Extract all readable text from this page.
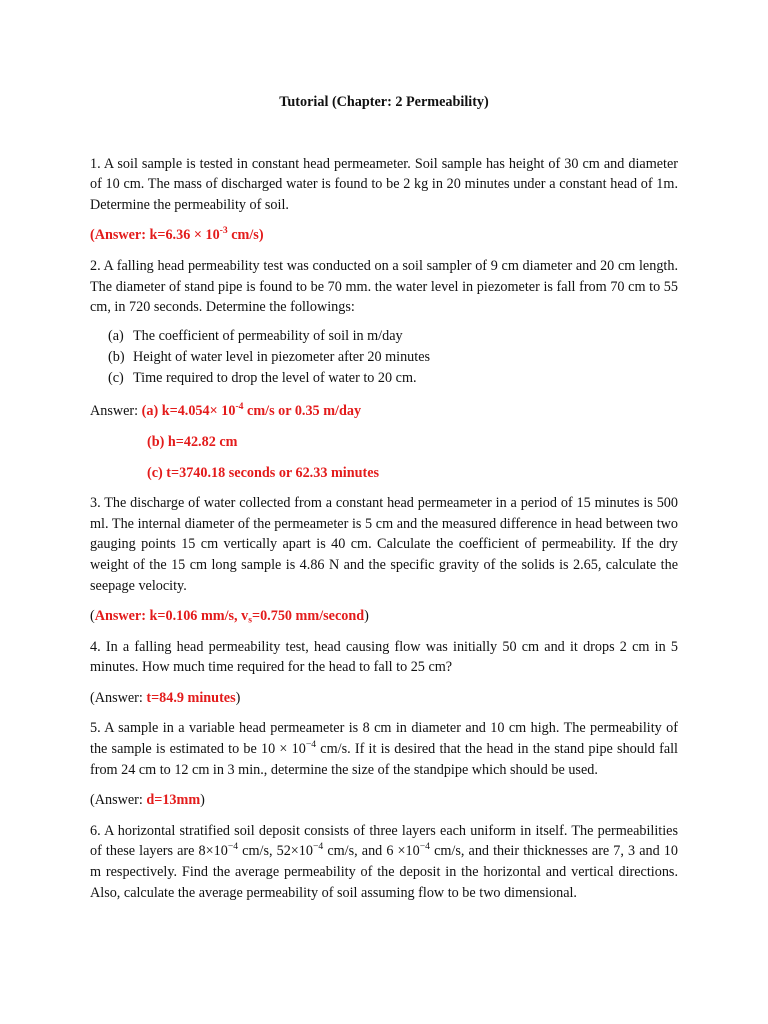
Tutorial (Chapter: 2 Permeability)

1. A soil sample is tested in constant head permeameter. Soil sample has height of 30 cm and diameter of 10 cm. The mass of discharged water is found to be 2 kg in 20 minutes under a constant head of 1m. Determine the permeability of soil.

(Answer: $k=6.36 \times 10^{-3}$ cm/s)

2. A falling head permeability test was conducted on a soil sampler of 9 cm diameter and 20 cm length. The diameter of stand pipe is found to be 70 mm. the water level in piezometer is fall from 70 cm to 55 cm, in 720 seconds. Determine the followings:

(a) The coefficient of permeability of soil in m/day
(b) Height of water level in piezometer after 20 minutes
(c) Time required to drop the level of water to 20 cm.

Answer: (a) $k=4.054\times 10^{-4}$ cm/s or 0.35 m/day

(b) h=42.82 cm

(c) t=3740.18 seconds or 62.33 minutes

3. The discharge of water collected from a constant head permeameter in a period of 15 minutes is 500 ml. The internal diameter of the permeameter is 5 cm and the measured difference in head between two gauging points 15 cm vertically apart is 40 cm. Calculate the coefficient of permeability. If the dry weight of the 15 cm long sample is 4.86 N and the specific gravity of the solids is 2.65, calculate the seepage velocity.

(Answer: k=0.106 mm/s, $v_s=0.750$ mm/second)

4. In a falling head permeability test, head causing flow was initially 50 cm and it drops 2 cm in 5 minutes. How much time required for the head to fall to 25 cm?

(Answer: t=84.9 minutes)

5. A sample in a variable head permeameter is 8 cm in diameter and 10 cm high. The permeability of the sample is estimated to be $10 \times 10^{-4}$ cm/s. If it is desired that the head in the stand pipe should fall from 24 cm to 12 cm in 3 min., determine the size of the standpipe which should be used.

(Answer: d=13mm)

6. A horizontal stratified soil deposit consists of three layers each uniform in itself. The permeabilities of these layers are $8\times 10^{-4}$ cm/s, $52\times 10^{-4}$ cm/s, and $6 \times 10^{-4}$ cm/s, and their thicknesses are 7, 3 and 10 m respectively. Find the average permeability of the deposit in the horizontal and vertical directions. Also, calculate the average permeability of soil assuming flow to be two dimensional.
